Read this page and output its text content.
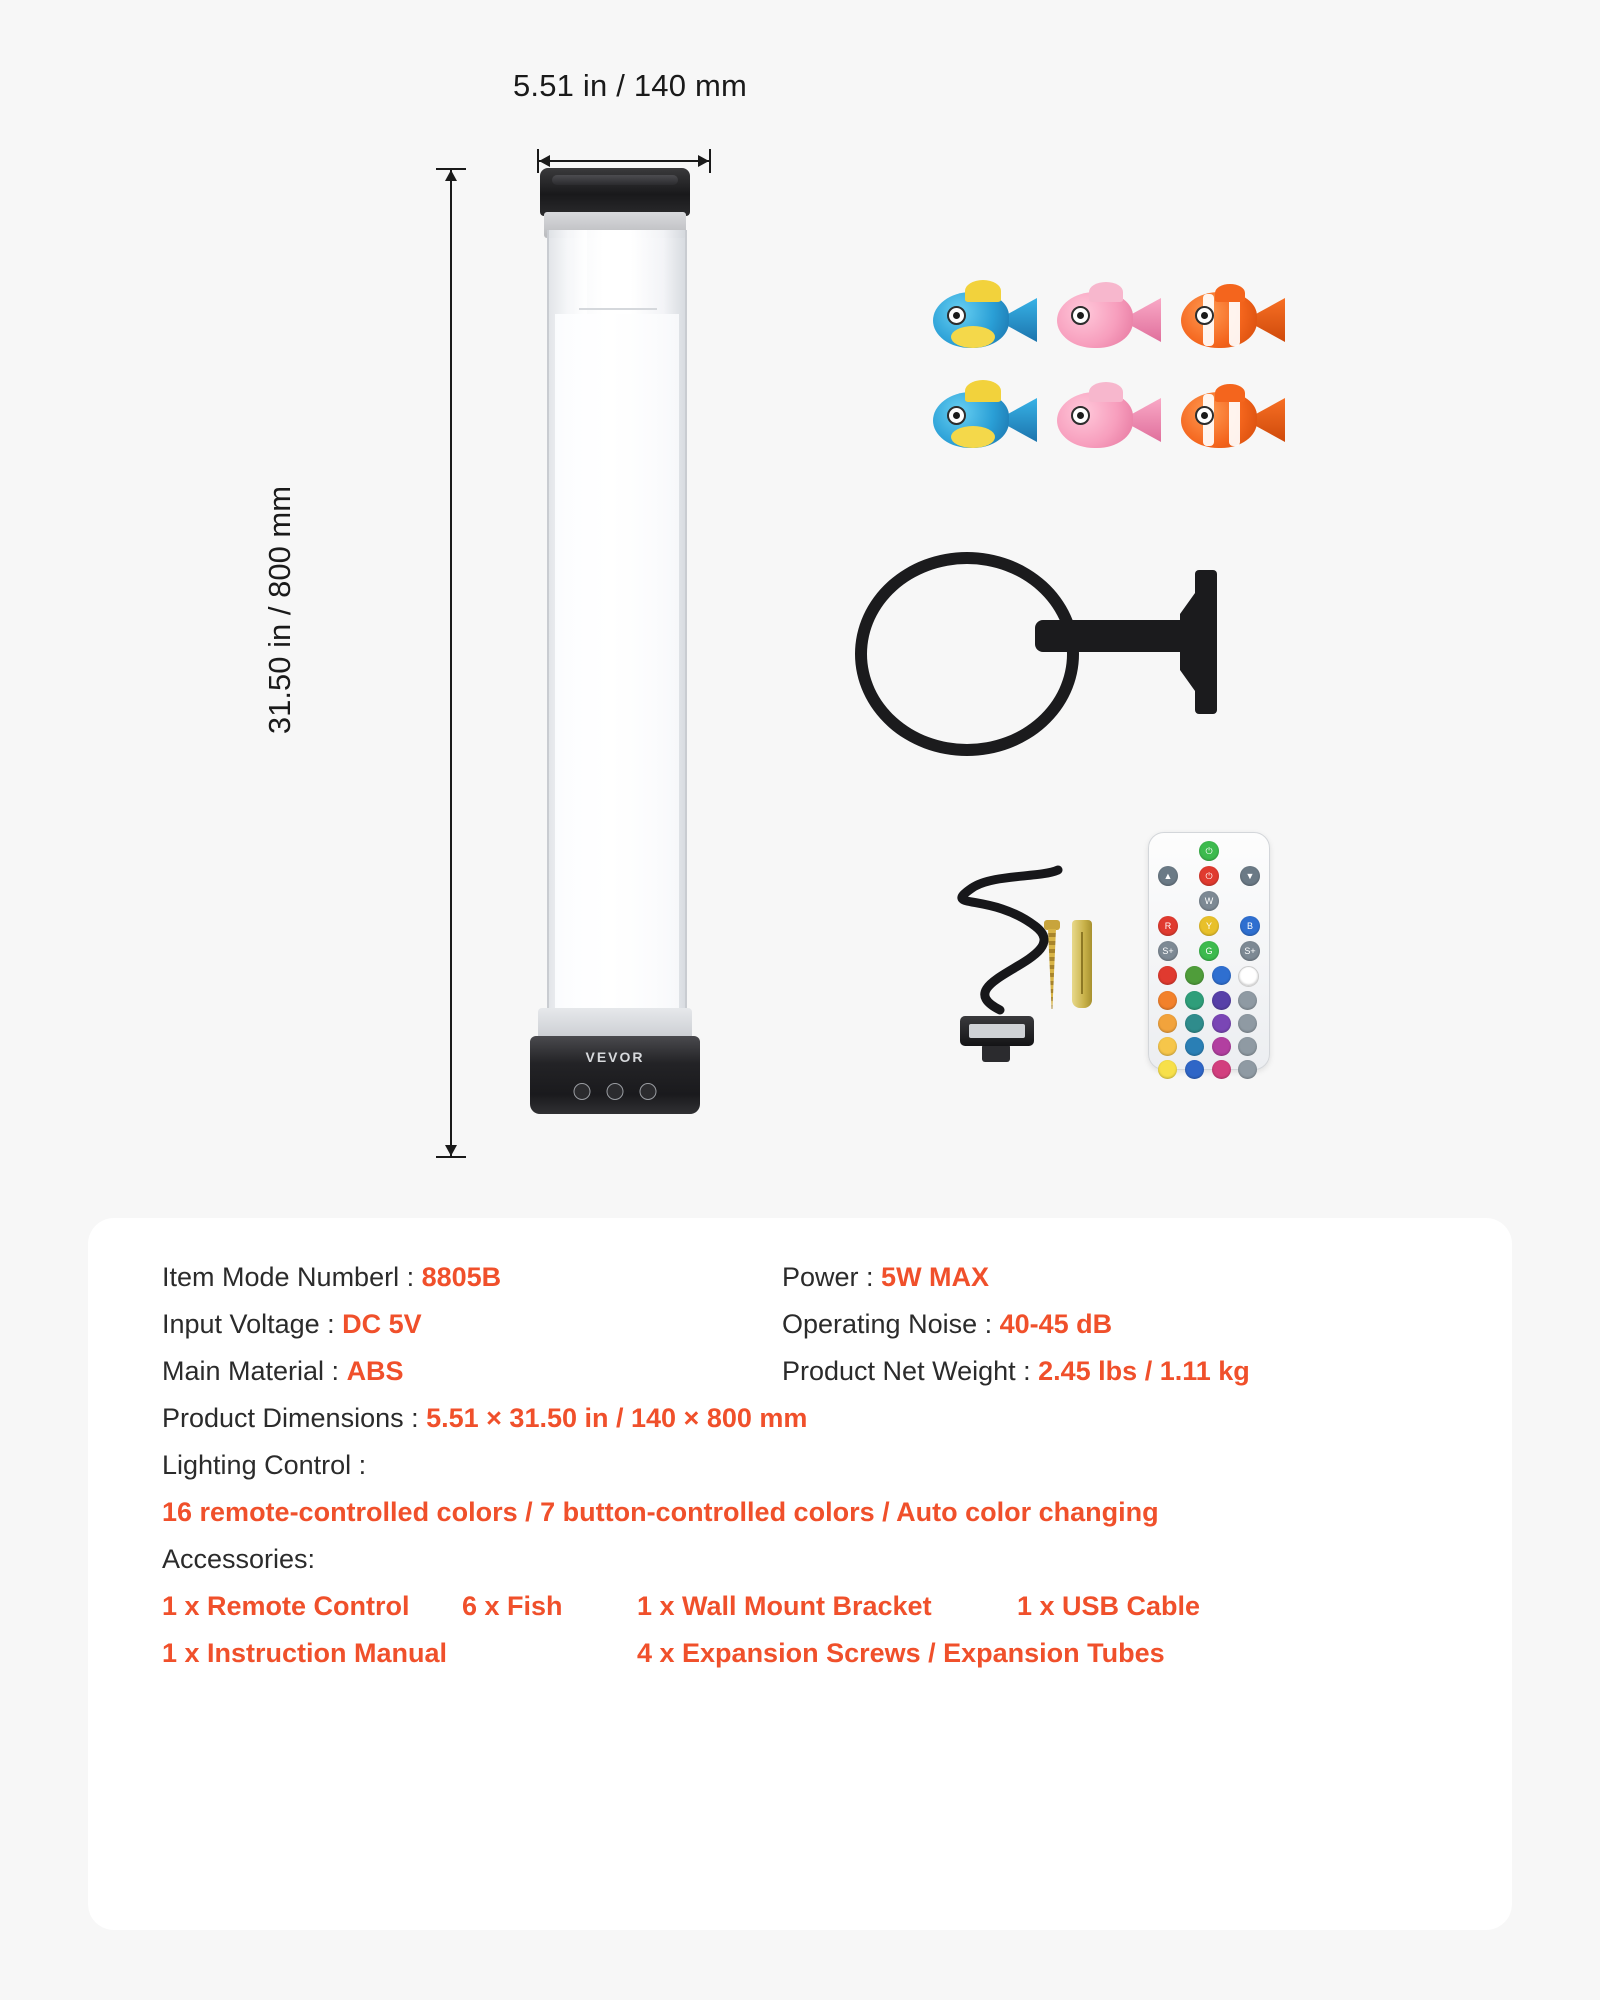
5.51 in / 140 mm
31.50 in / 800 mm
VEVOR
⏻
▲	⏻	▼
W
R	Y	B
S+	G	S+
Item Mode Numberl : 8805B	Power : 5W MAX
Input Voltage : DC 5V	Operating Noise : 40-45 dB
Main Material : ABS	Product Net Weight : 2.45 lbs / 1.11 kg
Product Dimensions : 5.51 × 31.50 in / 140 × 800 mm
Lighting Control :
16 remote-controlled colors / 7 button-controlled colors / Auto color changing
Accessories:
1 x Remote Control	6 x Fish	1 x Wall Mount Bracket	1 x USB Cable
1 x Instruction Manual	4 x Expansion Screws / Expansion Tubes
